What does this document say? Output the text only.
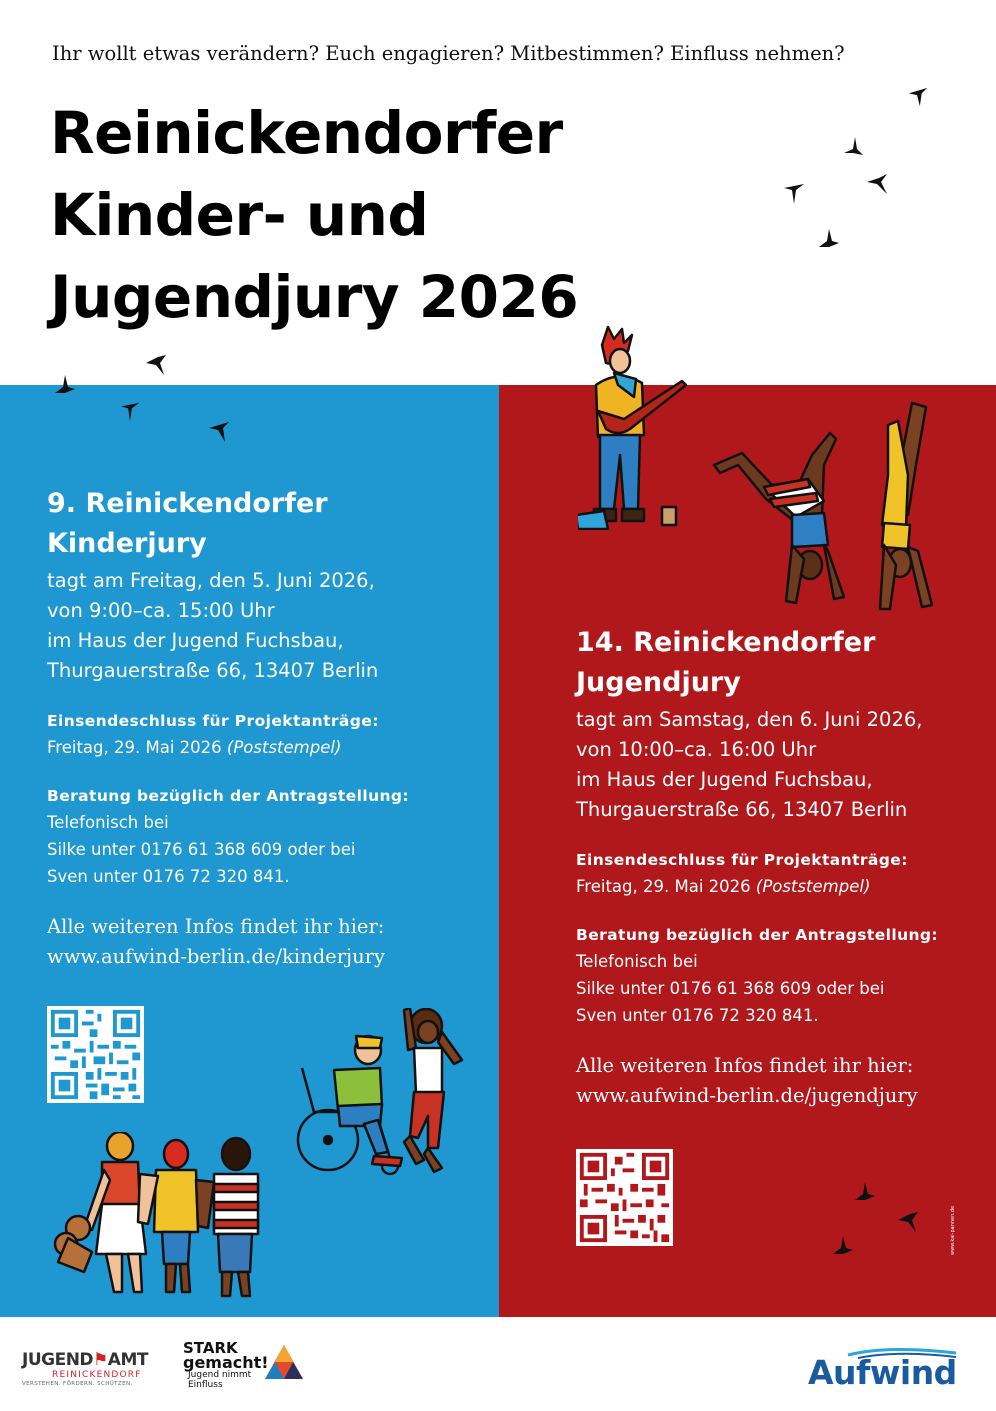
Ihr wollt etwas verändern? Euch engagieren? Mitbestimmen? Einfluss nehmen?
Reinickendorfer
Kinder- und
Jugendjury 2026
9. Reinickendorfer
Kinderjury
tagt am Freitag, den 5. Juni 2026,
von 9:00–ca. 15:00 Uhr
im Haus der Jugend Fuchsbau,
Thurgauerstraße 66, 13407 Berlin
Einsendeschluss für Projektanträge:
Freitag, 29. Mai 2026 (Poststempel)
Beratung bezüglich der Antragstellung:
Telefonisch bei
Silke unter 0176 61 368 609 oder bei
Sven unter 0176 72 320 841.
Alle weiteren Infos findet ihr hier:
www.aufwind-berlin.de/kinderjury
14. Reinickendorfer
Jugendjury
tagt am Samstag, den 6. Juni 2026,
von 10:00–ca. 16:00 Uhr
im Haus der Jugend Fuchsbau,
Thurgauerstraße 66, 13407 Berlin
Einsendeschluss für Projektanträge:
Freitag, 29. Mai 2026 (Poststempel)
Beratung bezüglich der Antragstellung:
Telefonisch bei
Silke unter 0176 61 368 609 oder bei
Sven unter 0176 72 320 841.
Alle weiteren Infos findet ihr hier:
www.aufwind-berlin.de/jugendjury
www.kai-pannen.de
JUGEND⚑AMT
REINICKENDORF
VERSTEHEN. FÖRDERN. SCHÜTZEN.
STARK
gemacht!
Jugend nimmt
Einfluss	Aufwind
